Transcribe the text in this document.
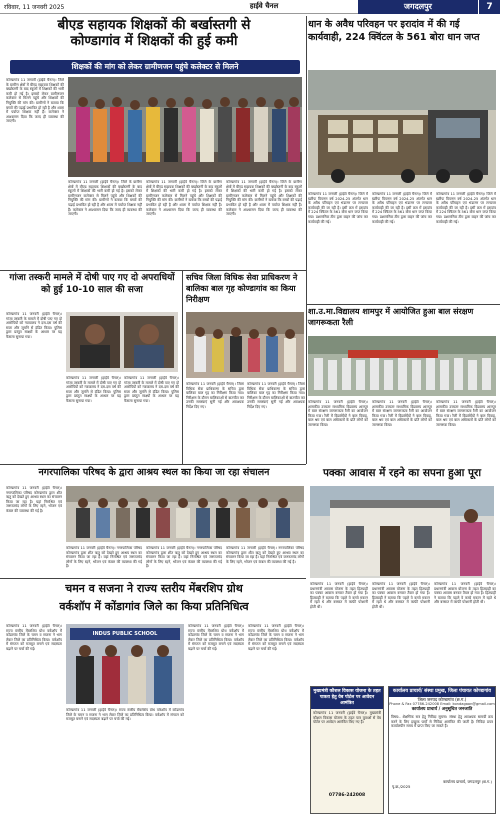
रविवार, 11 जनवरी 2025	हाईवे चैनल	जगदलपुर	7
बीएड सहायक शिक्षकों की बर्खास्तगी से
कोण्डागांव में शिक्षकों की हुई कमी
शिक्षकों की मांग को लेकर ग्रामीणजन पहुंचे कलेक्टर से मिलने
कोण्डागांव 11 जनवरी (हाईवे चैनल)। जिले के ग्रामीण क्षेत्रों में बीएड सहायक शिक्षकों की बर्खास्तगी के बाद स्कूलों में शिक्षकों की भारी कमी हो गई है। इसको लेकर ग्रामीणजन कलेक्टर से मिलने पहुंचे और शिक्षकों की नियुक्ति की मांग की। ग्रामीणों ने बताया कि बच्चों की पढ़ाई प्रभावित हो रही है और शाला में पर्याप्त शिक्षक नहीं हैं। कलेक्टर ने आश्वासन दिया कि जल्द ही व्यवस्था की जाएगी।
कोण्डागांव 11 जनवरी (हाईवे चैनल)। जिले के ग्रामीण क्षेत्रों में बीएड सहायक शिक्षकों की बर्खास्तगी के बाद स्कूलों में शिक्षकों की भारी कमी हो गई है। इसको लेकर ग्रामीणजन कलेक्टर से मिलने पहुंचे और शिक्षकों की नियुक्ति की मांग की। ग्रामीणों ने बताया कि बच्चों की पढ़ाई प्रभावित हो रही है और शाला में पर्याप्त शिक्षक नहीं हैं। कलेक्टर ने आश्वासन दिया कि जल्द ही व्यवस्था की जाएगी।
कोण्डागांव 11 जनवरी (हाईवे चैनल)। जिले के ग्रामीण क्षेत्रों में बीएड सहायक शिक्षकों की बर्खास्तगी के बाद स्कूलों में शिक्षकों की भारी कमी हो गई है। इसको लेकर ग्रामीणजन कलेक्टर से मिलने पहुंचे और शिक्षकों की नियुक्ति की मांग की। ग्रामीणों ने बताया कि बच्चों की पढ़ाई प्रभावित हो रही है और शाला में पर्याप्त शिक्षक नहीं हैं। कलेक्टर ने आश्वासन दिया कि जल्द ही व्यवस्था की जाएगी।
कोण्डागांव 11 जनवरी (हाईवे चैनल)। जिले के ग्रामीण क्षेत्रों में बीएड सहायक शिक्षकों की बर्खास्तगी के बाद स्कूलों में शिक्षकों की भारी कमी हो गई है। इसको लेकर ग्रामीणजन कलेक्टर से मिलने पहुंचे और शिक्षकों की नियुक्ति की मांग की। ग्रामीणों ने बताया कि बच्चों की पढ़ाई प्रभावित हो रही है और शाला में पर्याप्त शिक्षक नहीं हैं। कलेक्टर ने आश्वासन दिया कि जल्द ही व्यवस्था की जाएगी।
धान के अवैध परिवहन पर इरादांव में की गई कार्यवाही, 224 क्विंटल के 561 बोरा धान जप्त
कोण्डागांव 11 जनवरी (हाईवे चैनल)। जिले में खरीफ विपणन वर्ष 2024-25 अंतर्गत धान के अवैध परिवहन एवं भंडारण पर लगातार कार्यवाही की जा रही है। इसी क्रम में इरादांव में 224 क्विंटल के 561 बोरा धान जप्त किया गया। प्रशासनिक टीम द्वारा वाहन की जांच कर कार्यवाही की गई।
कोण्डागांव 11 जनवरी (हाईवे चैनल)। जिले में खरीफ विपणन वर्ष 2024-25 अंतर्गत धान के अवैध परिवहन एवं भंडारण पर लगातार कार्यवाही की जा रही है। इसी क्रम में इरादांव में 224 क्विंटल के 561 बोरा धान जप्त किया गया। प्रशासनिक टीम द्वारा वाहन की जांच कर कार्यवाही की गई।
कोण्डागांव 11 जनवरी (हाईवे चैनल)। जिले में खरीफ विपणन वर्ष 2024-25 अंतर्गत धान के अवैध परिवहन एवं भंडारण पर लगातार कार्यवाही की जा रही है। इसी क्रम में इरादांव में 224 क्विंटल के 561 बोरा धान जप्त किया गया। प्रशासनिक टीम द्वारा वाहन की जांच कर कार्यवाही की गई।
गांजा तस्करी मामले में दोषी पाए गए दो अपराधियों को हुई 10-10 साल की सजा
कोण्डागांव 11 जनवरी (हाईवे चैनल)। गांजा तस्करी के मामले में दोषी पाए गए दो आरोपियों को न्यायालय ने दस-दस वर्ष की सजा और जुर्माने से दंडित किया। पुलिस द्वारा प्रस्तुत साक्ष्यों के आधार पर यह फैसला सुनाया गया।
कोण्डागांव 11 जनवरी (हाईवे चैनल)। गांजा तस्करी के मामले में दोषी पाए गए दो आरोपियों को न्यायालय ने दस-दस वर्ष की सजा और जुर्माने से दंडित किया। पुलिस द्वारा प्रस्तुत साक्ष्यों के आधार पर यह फैसला सुनाया गया।
कोण्डागांव 11 जनवरी (हाईवे चैनल)। गांजा तस्करी के मामले में दोषी पाए गए दो आरोपियों को न्यायालय ने दस-दस वर्ष की सजा और जुर्माने से दंडित किया। पुलिस द्वारा प्रस्तुत साक्ष्यों के आधार पर यह फैसला सुनाया गया।
सचिव जिला विधिक सेवा प्राधिकरण ने बालिका बाल गृह कोण्डागांव का किया निरीक्षण
कोण्डागांव 11 जनवरी (हाईवे चैनल)। जिला विधिक सेवा प्राधिकरण के सचिव द्वारा बालिका बाल गृह का निरीक्षण किया गया। निरीक्षण के दौरान बालिकाओं से बातचीत कर उनकी समस्याएं सुनी गईं और आवश्यक निर्देश दिए गए।
कोण्डागांव 11 जनवरी (हाईवे चैनल)। जिला विधिक सेवा प्राधिकरण के सचिव द्वारा बालिका बाल गृह का निरीक्षण किया गया। निरीक्षण के दौरान बालिकाओं से बातचीत कर उनकी समस्याएं सुनी गईं और आवश्यक निर्देश दिए गए।
शा.उ.मा.विद्यालय शामपुर में आयोजित हुआ बाल संरक्षण जागरूकता रैली
कोण्डागांव 11 जनवरी (हाईवे चैनल)। शासकीय उच्चतर माध्यमिक विद्यालय शामपुर में बाल संरक्षण जागरूकता रैली का आयोजन किया गया। रैली में विद्यार्थियों ने बाल विवाह, बाल श्रम एवं बाल अधिकारों के प्रति लोगों को जागरूक किया।
कोण्डागांव 11 जनवरी (हाईवे चैनल)। शासकीय उच्चतर माध्यमिक विद्यालय शामपुर में बाल संरक्षण जागरूकता रैली का आयोजन किया गया। रैली में विद्यार्थियों ने बाल विवाह, बाल श्रम एवं बाल अधिकारों के प्रति लोगों को जागरूक किया।
कोण्डागांव 11 जनवरी (हाईवे चैनल)। शासकीय उच्चतर माध्यमिक विद्यालय शामपुर में बाल संरक्षण जागरूकता रैली का आयोजन किया गया। रैली में विद्यार्थियों ने बाल विवाह, बाल श्रम एवं बाल अधिकारों के प्रति लोगों को जागरूक किया।
नगरपालिका परिषद के द्वारा आश्रय स्थल का किया जा रहा संचालन
कोण्डागांव 11 जनवरी (हाईवे चैनल)। नगरपालिका परिषद कोण्डागांव द्वारा शीत ऋतु को देखते हुए आश्रय स्थल का संचालन किया जा रहा है। यहां निराश्रित एवं जरूरतमंद लोगों के लिए रहने, भोजन एवं कंबल की व्यवस्था की गई है।
कोण्डागांव 11 जनवरी (हाईवे चैनल)। नगरपालिका परिषद कोण्डागांव द्वारा शीत ऋतु को देखते हुए आश्रय स्थल का संचालन किया जा रहा है। यहां निराश्रित एवं जरूरतमंद लोगों के लिए रहने, भोजन एवं कंबल की व्यवस्था की गई है।
कोण्डागांव 11 जनवरी (हाईवे चैनल)। नगरपालिका परिषद कोण्डागांव द्वारा शीत ऋतु को देखते हुए आश्रय स्थल का संचालन किया जा रहा है। यहां निराश्रित एवं जरूरतमंद लोगों के लिए रहने, भोजन एवं कंबल की व्यवस्था की गई है।
कोण्डागांव 11 जनवरी (हाईवे चैनल)। नगरपालिका परिषद कोण्डागांव द्वारा शीत ऋतु को देखते हुए आश्रय स्थल का संचालन किया जा रहा है। यहां निराश्रित एवं जरूरतमंद लोगों के लिए रहने, भोजन एवं कंबल की व्यवस्था की गई है।
पक्का आवास में रहने का सपना हुआ पूरा
कोण्डागांव 11 जनवरी (हाईवे चैनल)। प्रधानमंत्री आवास योजना के तहत हितग्राही का पक्का आवास बनकर तैयार हो गया है। हितग्राही ने बताया कि पहले वे कच्चे मकान में रहते थे और बरसात में काफी परेशानी होती थी।
कोण्डागांव 11 जनवरी (हाईवे चैनल)। प्रधानमंत्री आवास योजना के तहत हितग्राही का पक्का आवास बनकर तैयार हो गया है। हितग्राही ने बताया कि पहले वे कच्चे मकान में रहते थे और बरसात में काफी परेशानी होती थी।
कोण्डागांव 11 जनवरी (हाईवे चैनल)। प्रधानमंत्री आवास योजना के तहत हितग्राही का पक्का आवास बनकर तैयार हो गया है। हितग्राही ने बताया कि पहले वे कच्चे मकान में रहते थे और बरसात में काफी परेशानी होती थी।
चमन व सजना ने राज्य स्तरीय मेंबरशिप ग्रोथ
वर्कशॉप में कोंडागांव जिले का किया प्रतिनिधित्व
कोण्डागांव 11 जनवरी (हाईवे चैनल)। राज्य स्तरीय मेंबरशिप ग्रोथ वर्कशॉप में कोंडागांव जिले के चमन व सजना ने भाग लेकर जिले का प्रतिनिधित्व किया। वर्कशॉप में संगठन को मजबूत बनाने एवं सदस्यता बढ़ाने पर चर्चा की गई।
INDUS PUBLIC SCHOOL
कोण्डागांव 11 जनवरी (हाईवे चैनल)। राज्य स्तरीय मेंबरशिप ग्रोथ वर्कशॉप में कोंडागांव जिले के चमन व सजना ने भाग लेकर जिले का प्रतिनिधित्व किया। वर्कशॉप में संगठन को मजबूत बनाने एवं सदस्यता बढ़ाने पर चर्चा की गई।
कोण्डागांव 11 जनवरी (हाईवे चैनल)। राज्य स्तरीय मेंबरशिप ग्रोथ वर्कशॉप में कोंडागांव जिले के चमन व सजना ने भाग लेकर जिले का प्रतिनिधित्व किया। वर्कशॉप में संगठन को मजबूत बनाने एवं सदस्यता बढ़ाने पर चर्चा की गई।
कोण्डागांव 11 जनवरी (हाईवे चैनल)। राज्य स्तरीय मेंबरशिप ग्रोथ वर्कशॉप में कोंडागांव जिले के चमन व सजना ने भाग लेकर जिले का प्रतिनिधित्व किया। वर्कशॉप में संगठन को मजबूत बनाने एवं सदस्यता बढ़ाने पर चर्चा की गई।
मुख्यमंत्री कौशल विकास योजना के तहत पात्रता हेतु वेब पोर्टल पर आवेदन आमंत्रित
कोण्डागांव 11 जनवरी (हाईवे चैनल)। मुख्यमंत्री कौशल विकास योजना के तहत पात्र युवाओं से वेब पोर्टल पर आवेदन आमंत्रित किए गए हैं।
07786-242008
कार्यालय प्राचार्य/ संस्था प्रमुख, जिला पंचायत कोण्डागांव
जिला जनपद कोण्डागांव (छ.ग.)
Phone & Fax 07786-242008 Email: kondagaon@gmail.com
कार्यालय प्राचार्य / अनुसूचित जनजाति
विषय:- शैक्षणिक सत्र हेतु निविदा सूचना। संस्था हेतु आवश्यक सामग्री क्रय करने के लिए इच्छुक फर्मों से निविदा आमंत्रित की जाती है। निविदा प्रपत्र कार्यालयीन समय में प्राप्त किए जा सकते हैं।
कार्यालय प्राचार्य, जगदलपुर (छ.ग.)
पृ.क्र./2025
